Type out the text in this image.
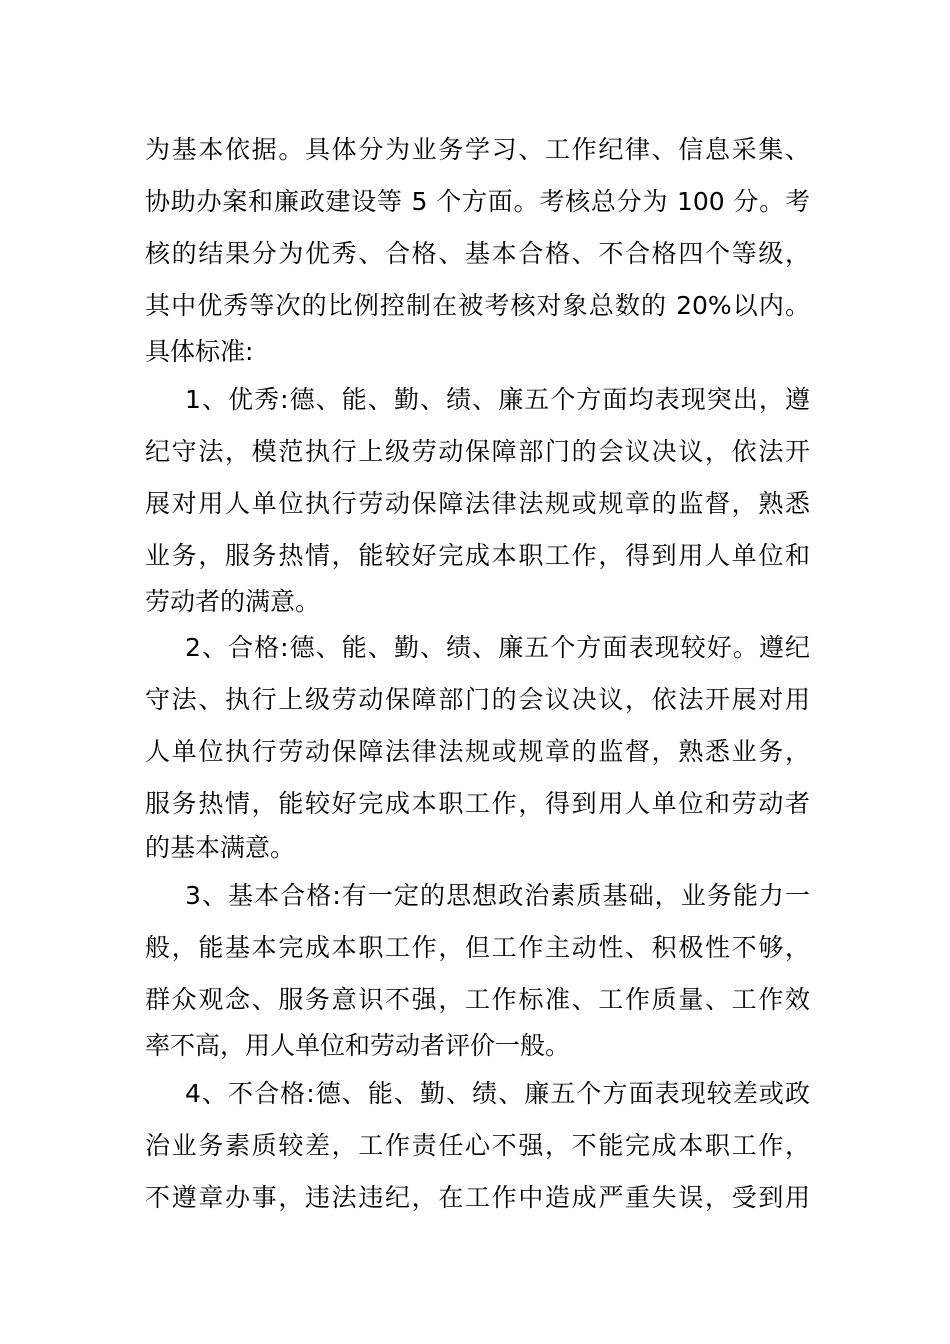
为基本依据。具体分为业务学习、工作纪律、信息采集、
协助办案和廉政建设等 5 个方面。考核总分为 100 分。考
核的结果分为优秀、合格、基本合格、不合格四个等级，
其中优秀等次的比例控制在被考核对象总数的 20%以内。
具体标准:
1、优秀:德、能、勤、绩、廉五个方面均表现突出，遵
纪守法，模范执行上级劳动保障部门的会议决议，依法开
展对用人单位执行劳动保障法律法规或规章的监督，熟悉
业务，服务热情，能较好完成本职工作，得到用人单位和
劳动者的满意。
2、合格:德、能、勤、绩、廉五个方面表现较好。遵纪
守法、执行上级劳动保障部门的会议决议，依法开展对用
人单位执行劳动保障法律法规或规章的监督，熟悉业务，
服务热情，能较好完成本职工作，得到用人单位和劳动者
的基本满意。
3、基本合格:有一定的思想政治素质基础，业务能力一
般，能基本完成本职工作，但工作主动性、积极性不够，
群众观念、服务意识不强，工作标准、工作质量、工作效
率不高，用人单位和劳动者评价一般。
4、不合格:德、能、勤、绩、廉五个方面表现较差或政
治业务素质较差，工作责任心不强，不能完成本职工作，
不遵章办事，违法违纪，在工作中造成严重失误，受到用
